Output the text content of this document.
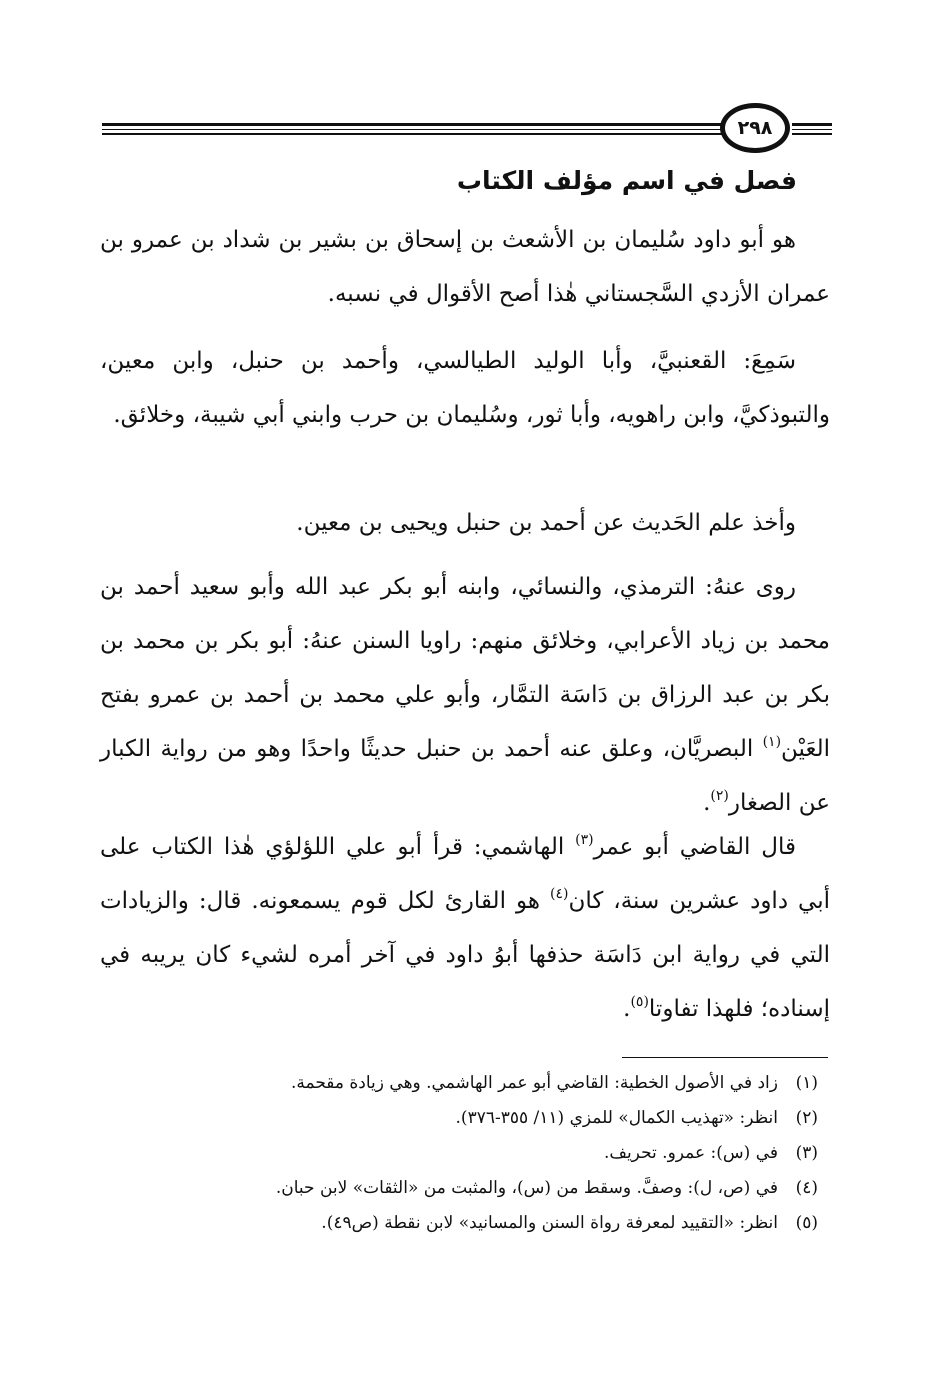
٢٩٨
فصل في اسم مؤلف الكتاب
هو أبو داود سُليمان بن الأشعث بن إسحاق بن بشير بن شداد بن عمرو بن عمران الأزدي السَّجستاني هٰذا أصح الأقوال في نسبه.
سَمِعَ: القعنبيَّ، وأبا الوليد الطيالسي، وأحمد بن حنبل، وابن معين، والتبوذكيَّ، وابن راهويه، وأبا ثور، وسُليمان بن حرب وابني أبي شيبة، وخلائق.
وأخذ علم الحَديث عن أحمد بن حنبل ويحيى بن معين.
روى عنهُ: الترمذي، والنسائي، وابنه أبو بكر عبد الله وأبو سعيد أحمد بن محمد بن زياد الأعرابي، وخلائق منهم: راويا السنن عنهُ: أبو بكر بن محمد بن بكر بن عبد الرزاق بن دَاسَة التمَّار، وأبو علي محمد بن أحمد بن عمرو بفتح العَيْن$^{(١)}$ البصريَّان، وعلق عنه أحمد بن حنبل حديثًا واحدًا وهو من رواية الكبار عن الصغار$^{(٢)}$.
قال القاضي أبو عمر$^{(٣)}$ الهاشمي: قرأ أبو علي اللؤلؤي هٰذا الكتاب على أبي داود عشرين سنة، كان$^{(٤)}$ هو القارئ لكل قوم يسمعونه. قال: والزيادات التي في رواية ابن دَاسَة حذفها أبوُ داود في آخر أمره لشيء كان يريبه في إسناده؛ فلهذا تفاوتا$^{(٥)}$.
(١)زاد في الأصول الخطية: القاضي أبو عمر الهاشمي. وهي زيادة مقحمة.
(٢)انظر: «تهذيب الكمال» للمزي (١١/ ٣٥٥-٣٧٦).
(٣)في (س): عمرو. تحريف.
(٤)في (ص، ل): وصفَّ. وسقط من (س)، والمثبت من «الثقات» لابن حبان.
(٥)انظر: «التقييد لمعرفة رواة السنن والمسانيد» لابن نقطة (ص٤٩).
